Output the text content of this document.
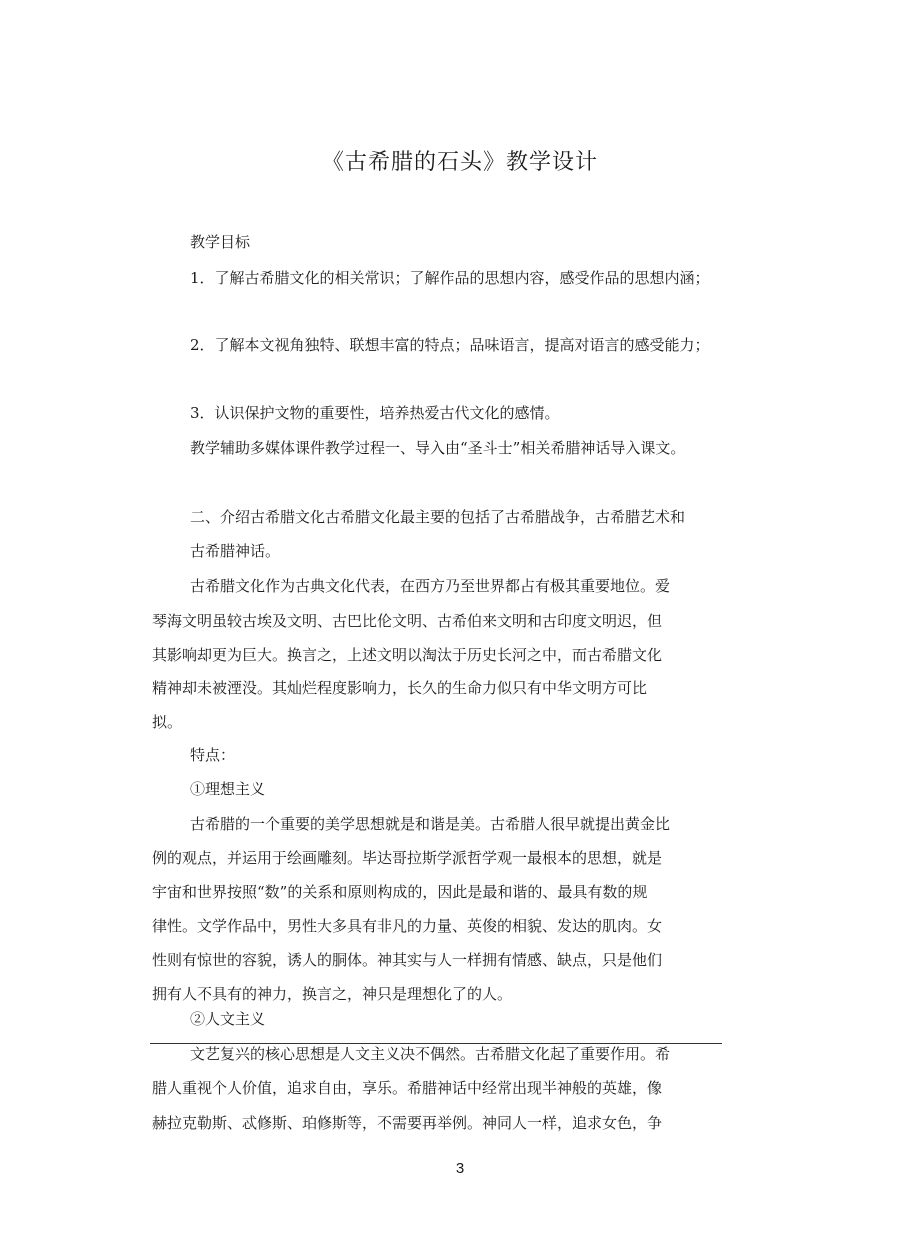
《古希腊的石头》教学设计
教学目标
1．了解古希腊文化的相关常识；了解作品的思想内容，感受作品的思想内涵；
2．了解本文视角独特、联想丰富的特点；品味语言，提高对语言的感受能力；
3．认识保护文物的重要性，培养热爱古代文化的感情。
教学辅助多媒体课件教学过程一、导入由“圣斗士”相关希腊神话导入课文。
二、介绍古希腊文化古希腊文化最主要的包括了古希腊战争，古希腊艺术和
古希腊神话。
古希腊文化作为古典文化代表，在西方乃至世界都占有极其重要地位。爱
琴海文明虽较古埃及文明、古巴比伦文明、古希伯来文明和古印度文明迟，但
其影响却更为巨大。换言之，上述文明以淘汰于历史长河之中，而古希腊文化
精神却未被湮没。其灿烂程度影响力，长久的生命力似只有中华文明方可比
拟。
特点：
①理想主义
古希腊的一个重要的美学思想就是和谐是美。古希腊人很早就提出黄金比
例的观点，并运用于绘画雕刻。毕达哥拉斯学派哲学观一最根本的思想，就是
宇宙和世界按照“数”的关系和原则构成的，因此是最和谐的、最具有数的规
律性。文学作品中，男性大多具有非凡的力量、英俊的相貌、发达的肌肉。女
性则有惊世的容貌，诱人的胴体。神其实与人一样拥有情感、缺点，只是他们
拥有人不具有的神力，换言之，神只是理想化了的人。
②人文主义
文艺复兴的核心思想是人文主义决不偶然。古希腊文化起了重要作用。希
腊人重视个人价值，追求自由，享乐。希腊神话中经常出现半神般的英雄，像
赫拉克勒斯、忒修斯、珀修斯等，不需要再举例。神同人一样，追求女色，争
3
